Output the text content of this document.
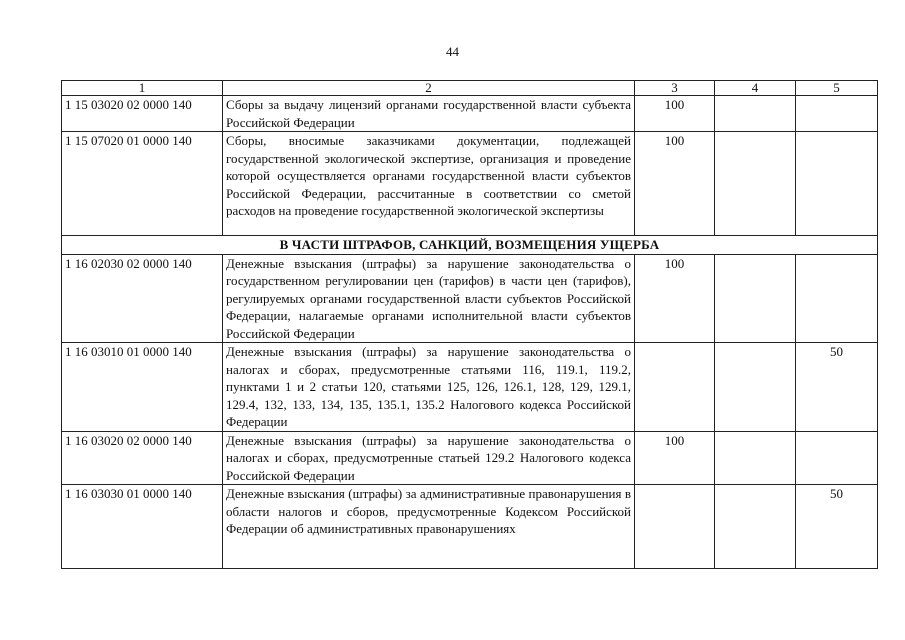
44
1	2	3	4	5
1 15 03020 02 0000 140	Сборы за выдачу лицензий органами государственной власти субъекта Российской Федерации	100		
1 15 07020 01 0000 140	Сборы, вносимые заказчиками документации, подлежащей государственной экологической экспертизе, организация и проведение которой осуществляется органами государственной власти субъектов Российской Федерации, рассчитанные в соответствии со сметой расходов на проведение государственной экологической экспертизы	100		
В ЧАСТИ ШТРАФОВ, САНКЦИЙ, ВОЗМЕЩЕНИЯ УЩЕРБА				
1 16 02030 02 0000 140	Денежные взыскания (штрафы) за нарушение законодательства о государственном регулировании цен (тарифов) в части цен (тарифов), регулируемых органами государственной власти субъектов Российской Федерации, налагаемые органами исполнительной власти субъектов Российской Федерации	100		
1 16 03010 01 0000 140	Денежные взыскания (штрафы) за нарушение законодательства о налогах и сборах, предусмотренные статьями 116, 119.1, 119.2, пунктами 1 и 2 статьи 120, статьями 125, 126, 126.1, 128, 129, 129.1, 129.4, 132, 133, 134, 135, 135.1, 135.2 Налогового кодекса Российской Федерации			50
1 16 03020 02 0000 140	Денежные взыскания (штрафы) за нарушение законодательства о налогах и сборах, предусмотренные статьей 129.2 Налогового кодекса Российской Федерации	100		
1 16 03030 01 0000 140	Денежные взыскания (штрафы) за административные правонарушения в области налогов и сборов, предусмотренные Кодексом Российской Федерации об административных правонарушениях			50
